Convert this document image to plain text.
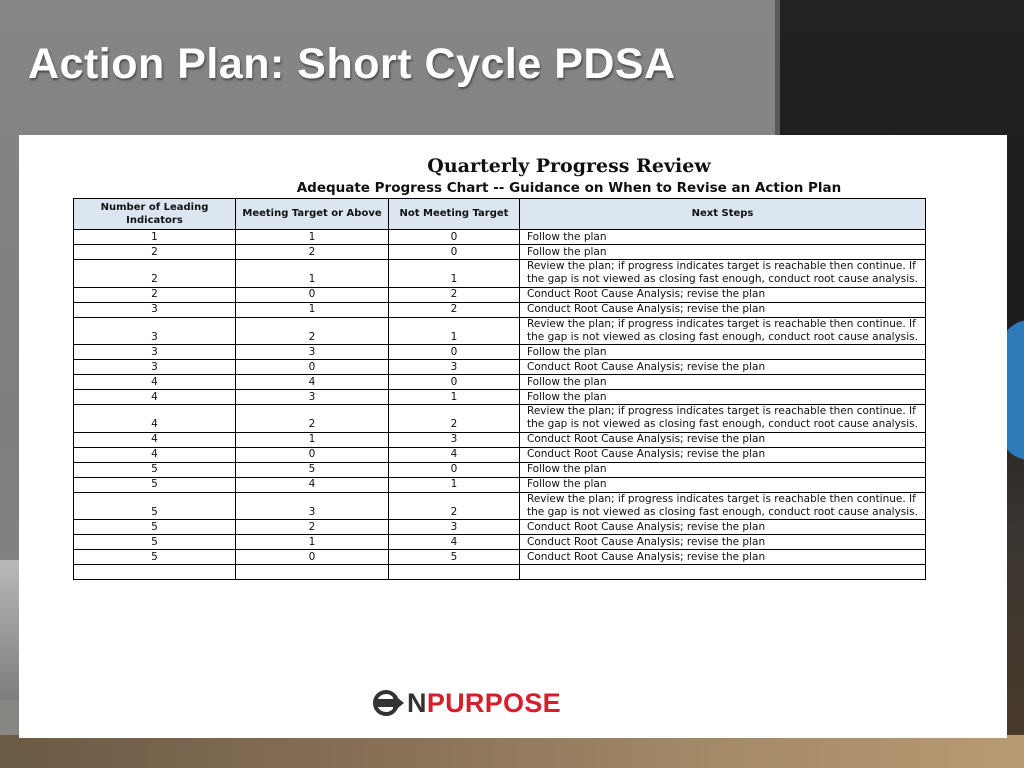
Action Plan: Short Cycle PDSA
Quarterly Progress Review
Adequate Progress Chart -- Guidance on When to Revise an Action Plan
Number of Leading Indicators	Meeting Target or Above	Not Meeting Target	Next Steps
1	1	0	Follow the plan
2	2	0	Follow the plan
2	1	1	Review the plan; if progress indicates target is reachable then continue. If the gap is not viewed as closing fast enough, conduct root cause analysis.
2	0	2	Conduct Root Cause Analysis; revise the plan
3	1	2	Conduct Root Cause Analysis; revise the plan
3	2	1	Review the plan; if progress indicates target is reachable then continue. If the gap is not viewed as closing fast enough, conduct root cause analysis.
3	3	0	Follow the plan
3	0	3	Conduct Root Cause Analysis; revise the plan
4	4	0	Follow the plan
4	3	1	Follow the plan
4	2	2	Review the plan; if progress indicates target is reachable then continue. If the gap is not viewed as closing fast enough, conduct root cause analysis.
4	1	3	Conduct Root Cause Analysis; revise the plan
4	0	4	Conduct Root Cause Analysis; revise the plan
5	5	0	Follow the plan
5	4	1	Follow the plan
5	3	2	Review the plan; if progress indicates target is reachable then continue. If the gap is not viewed as closing fast enough, conduct root cause analysis.
5	2	3	Conduct Root Cause Analysis; revise the plan
5	1	4	Conduct Root Cause Analysis; revise the plan
5	0	5	Conduct Root Cause Analysis; revise the plan

N PURPOSE
